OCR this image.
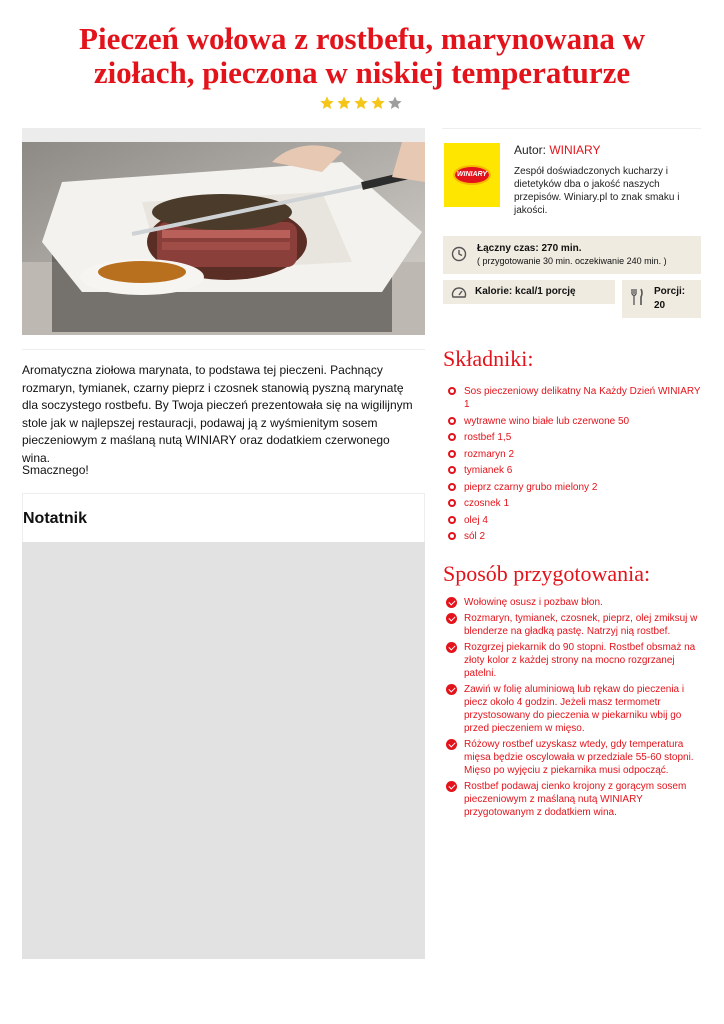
Pieczeń wołowa z rostbefu, marynowana w ziołach, pieczona w niskiej temperaturze
WINIARY
Autor: WINIARY
Zespół doświadczonych kucharzy i dietetyków dba o jakość naszych przepisów. Winiary.pl to znak smaku i jakości.
Łączny czas: 270 min.
( przygotowanie 30 min. oczekiwanie 240 min. )
Kalorie: kcal/1 porcję	Porcji:
20

Aromatyczna ziołowa marynata, to podstawa tej pieczeni. Pachnący rozmaryn, tymianek, czarny pieprz i czosnek stanowią pyszną marynatę dla soczystego rostbefu. By Twoja pieczeń prezentowała się na wigilijnym stole jak w najlepszej restauracji, podawaj ją z wyśmienitym sosem pieczeniowym z maślaną nutą WINIARY oraz dodatkiem czerwonego wina.

Smacznego!

Notatnik
Składniki:
Sos pieczeniowy delikatny Na Każdy Dzień WINIARY 1
wytrawne wino białe lub czerwone 50
rostbef 1,5
rozmaryn 2
tymianek 6
pieprz czarny grubo mielony 2
czosnek 1
olej 4
sól 2
Sposób przygotowania:
Wołowinę osusz i pozbaw błon.
Rozmaryn, tymianek, czosnek, pieprz, olej zmiksuj w blenderze na gładką pastę. Natrzyj nią rostbef.
Rozgrzej piekarnik do 90 stopni. Rostbef obsmaż na złoty kolor z każdej strony na mocno rozgrzanej patelni.
Zawiń w folię aluminiową lub rękaw do pieczenia i piecz około 4 godzin. Jeżeli masz termometr przystosowany do pieczenia w piekarniku wbij go przed pieczeniem w mięso.
Różowy rostbef uzyskasz wtedy, gdy temperatura mięsa będzie oscylowała w przedziale 55-60 stopni. Mięso po wyjęciu z piekarnika musi odpocząć.
Rostbef podawaj cienko krojony z gorącym sosem pieczeniowym z maślaną nutą WINIARY przygotowanym z dodatkiem wina.
